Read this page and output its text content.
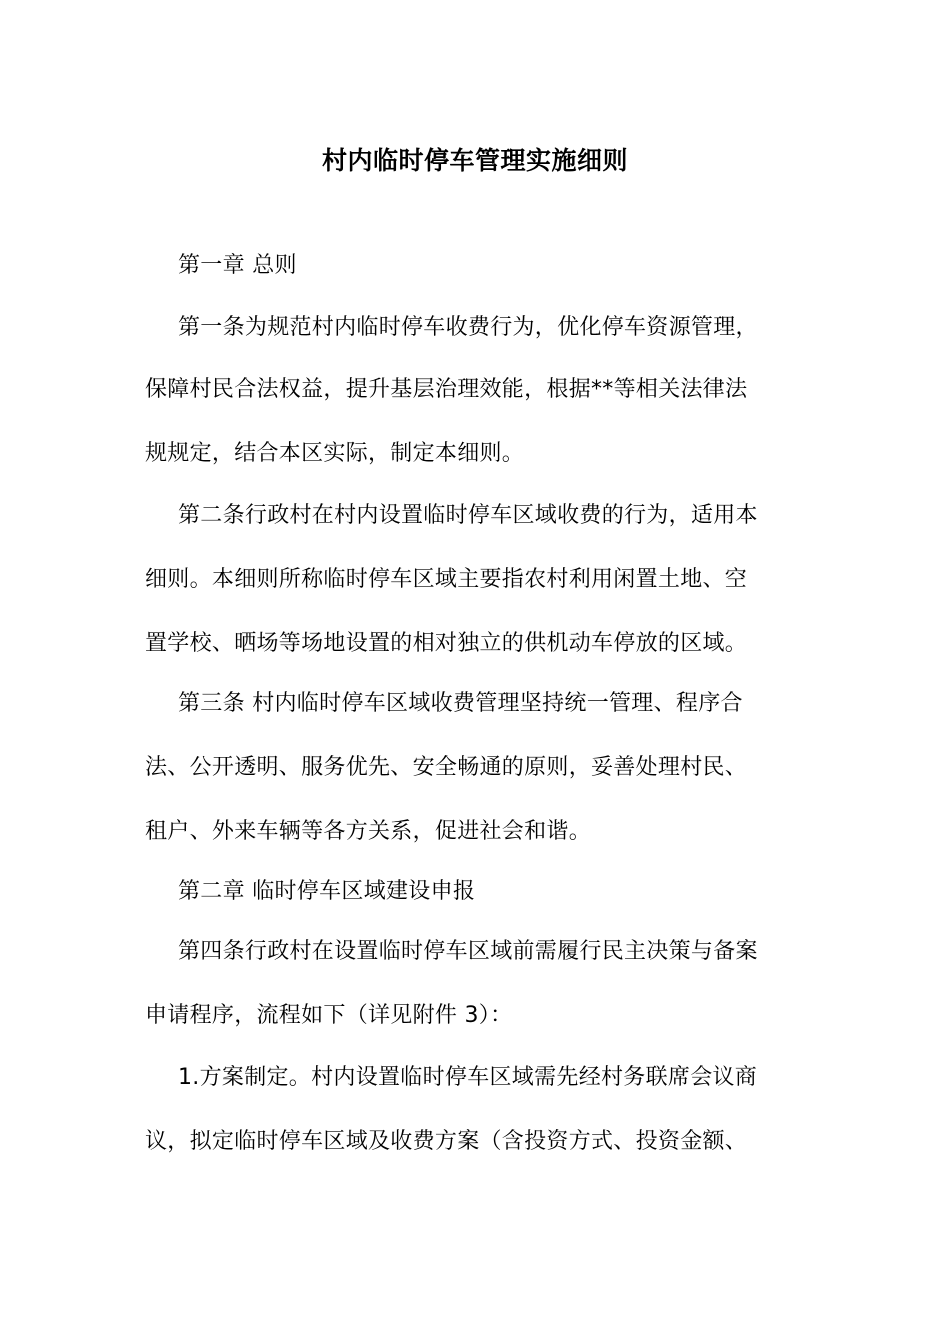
村内临时停车管理实施细则
第一章 总则
第一条为规范村内临时停车收费行为，优化停车资源管理，
保障村民合法权益，提升基层治理效能，根据**等相关法律法
规规定，结合本区实际，制定本细则。
第二条行政村在村内设置临时停车区域收费的行为，适用本
细则。本细则所称临时停车区域主要指农村利用闲置土地、空
置学校、晒场等场地设置的相对独立的供机动车停放的区域。
第三条 村内临时停车区域收费管理坚持统一管理、程序合
法、公开透明、服务优先、安全畅通的原则，妥善处理村民、
租户、外来车辆等各方关系，促进社会和谐。
第二章 临时停车区域建设申报
第四条行政村在设置临时停车区域前需履行民主决策与备案
申请程序，流程如下（详见附件 3）：
1.方案制定。村内设置临时停车区域需先经村务联席会议商
议，拟定临时停车区域及收费方案（含投资方式、投资金额、
